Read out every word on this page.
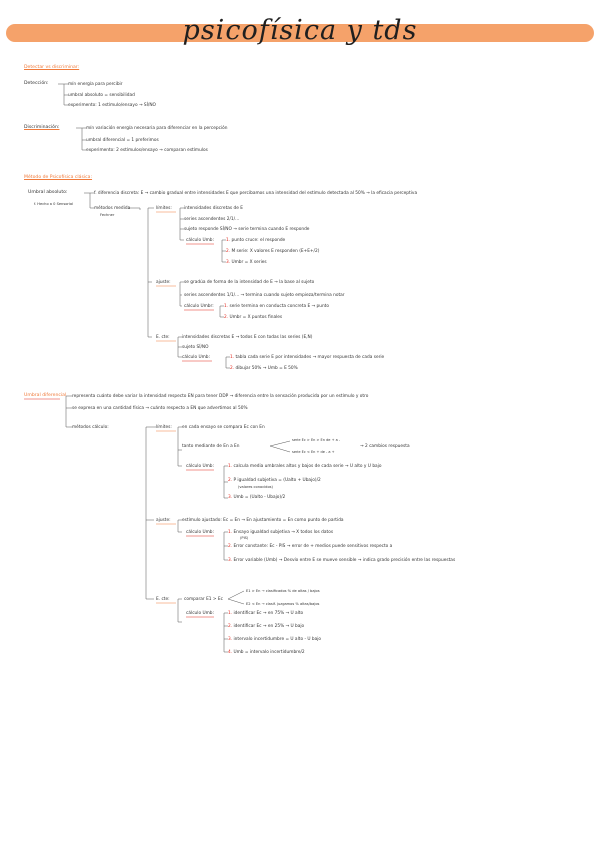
psicofísica y tds
Detectar vs discriminar:
Detección:	mín energía para percibir
umbral absoluto = sensibilidad
experimento: 1 estímulo/ensayo → SÍ/NO
Discriminación:	mín variación energía necesaria para diferenciar en la percepción
umbral diferencial = 1 preferimos
experimento: 2 estímulos/ensayo → comparan estímulos
Método de Psicofísica clásica:
Umbral absoluto:
f. Hecho a 0 Sensorial
f. diferencia discreta: E → cambio gradual entre intensidades E que percibamos una intensidad del estímulo detectada al 50% → la eficacia perceptiva
métodos medida
Fechner
límites:	intensidades discretas de E
series ascendentes 2/1/...
sujeto responde SÍ/NO → serie termina cuando E responde
cálculo Umb:	1. punto cruce: el responde
2. M serie: X valores E responden (E+E+/2)
3. Umbr = X series
ajuste:	se gradúa de forma de la intensidad de E → la base al sujeto
series ascendentes 1/1/... → termina cuando sujeto empieza/termina notar
cálculo Umbr: 1. serie termina en conducta concreta E → punto
2. Umbr = X puntos finales
E. cte:	intensidades discretas E → todos E con todas las series (E,N)
sujeto SÍ/NO
cálculo Umb:	1. tabla cada serie E por intensidades → mayor respuesta de cada serie
2. dibujar 50% → Umb = E 50%
Umbral diferencial representa cuánto debe variar la intensidad respecto EN para tener DDP → diferencia entre la sensación producida por un estímulo y otro
se expresa en una cantidad física → cuánto respecto a EN que advertimos al 50%
métodos cálculo:	límites: en cada ensayo se compara Ec con En
tanto mediante de En a En
serie Ec > En > En de + a -
serie Ec < En + de - a +
→ 2 cambios respuesta
cálculo Umb:	1. calcula media umbrales altos y bajos de cada serie → U alto y U bajo
2. P igualdad subjetiva = (Ualto + Ubajo)/2
(valores conocidos)
3. Umb = (Ualto - Ubajo)/2
ajuste:	estímulo ajustado: Ec = En → En ajustamiento = En como punto de partida
cálculo Umb:	1. Ensayo igualdad subjetiva → X todos los datos
(PIS)
2. Error constante: Ec - PIS → error de + medios puede sensitivos respecto a
3. Error variable (Umb) → Desvío entre E se mueve sensible → indica grado precisión entre las respuestas
E. cte:	comparar E1 > Ec
E1 > En → clasificados % de altas / bajos
E2 < En → clasif. juzgamos % altas/bajos
cálculo Umb:	1. identificar Ec → en 75% → U alto
2. identificar Ec → en 25% → U bajo
3. intervalo incertidumbre = U alto - U bajo
4. Umb = intervalo incertidumbre/2
